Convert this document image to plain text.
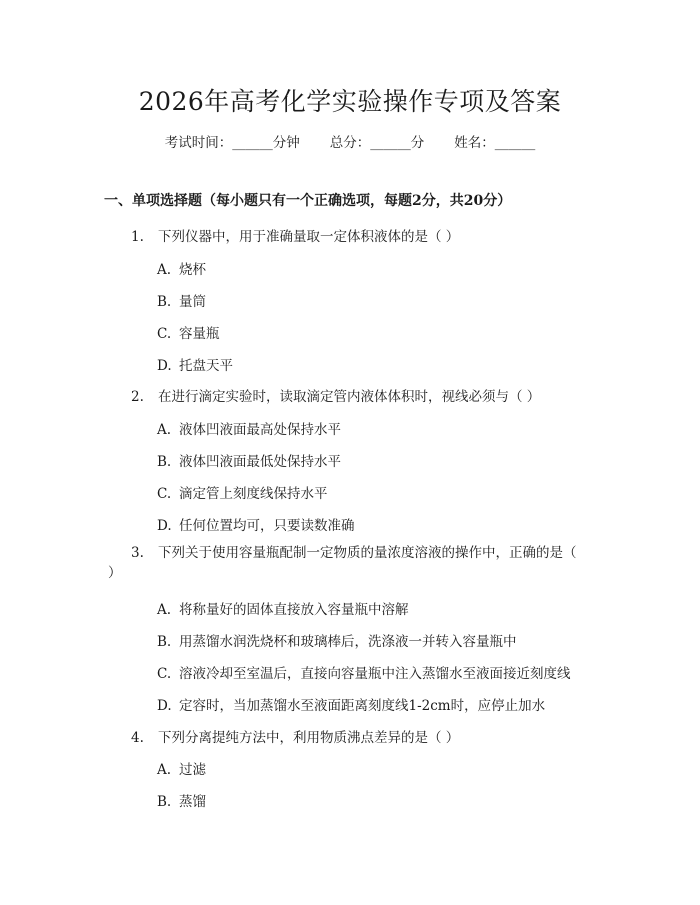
2026年高考化学实验操作专项及答案
考试时间：______分钟 总分：______分 姓名：______
一、单项选择题（每小题只有一个正确选项，每题2分，共20分）
1. 下列仪器中，用于准确量取一定体积液体的是（ ）
A. 烧杯
B. 量筒
C. 容量瓶
D. 托盘天平
2. 在进行滴定实验时，读取滴定管内液体体积时，视线必须与（ ）
A. 液体凹液面最高处保持水平
B. 液体凹液面最低处保持水平
C. 滴定管上刻度线保持水平
D. 任何位置均可，只要读数准确
3. 下列关于使用容量瓶配制一定物质的量浓度溶液的操作中，正确的是（ ）
A. 将称量好的固体直接放入容量瓶中溶解
B. 用蒸馏水润洗烧杯和玻璃棒后，洗涤液一并转入容量瓶中
C. 溶液冷却至室温后，直接向容量瓶中注入蒸馏水至液面接近刻度线
D. 定容时，当加蒸馏水至液面距离刻度线1-2cm时，应停止加水
4. 下列分离提纯方法中，利用物质沸点差异的是（ ）
A. 过滤
B. 蒸馏
